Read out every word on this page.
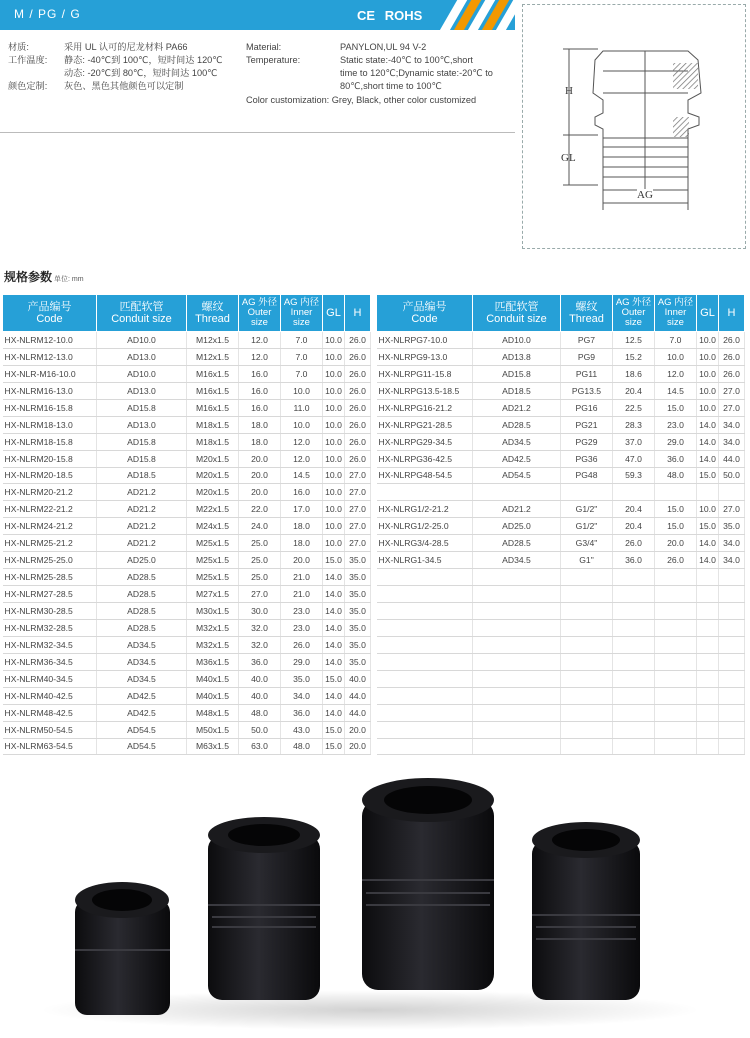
M / PG / G	CE ROHS
材质:	采用 UL 认可的尼龙材料 PA66
工作温度: 静态: -40℃到 100℃，短时间达 120℃
动态: -20℃到 80℃，短时间达 100℃
颜色定制: 灰色、黑色其他颜色可以定制
Material:	PANYLON,UL 94 V-2
Temperature:	Static state:-40℃ to 100℃,short
time to 120℃;Dynamic state:-20℃ to
80℃,short time to 100℃
Color customization: Grey, Black, other color customized
H
GL
AG
规格参数 单位: mm
产品编号
Code	匹配软管
Conduit size	螺纹
Thread	AG 外径
Outer size	AG 内径
Inner size	GL	H

HX-NLRM12-10.0	AD10.0	M12x1.5	12.0	7.0	10.0	26.0
HX-NLRM12-13.0	AD13.0	M12x1.5	12.0	7.0	10.0	26.0
HX-NLR-M16-10.0	AD10.0	M16x1.5	16.0	7.0	10.0	26.0
HX-NLRM16-13.0	AD13.0	M16x1.5	16.0	10.0	10.0	26.0
HX-NLRM16-15.8	AD15.8	M16x1.5	16.0	11.0	10.0	26.0
HX-NLRM18-13.0	AD13.0	M18x1.5	18.0	10.0	10.0	26.0
HX-NLRM18-15.8	AD15.8	M18x1.5	18.0	12.0	10.0	26.0
HX-NLRM20-15.8	AD15.8	M20x1.5	20.0	12.0	10.0	26.0
HX-NLRM20-18.5	AD18.5	M20x1.5	20.0	14.5	10.0	27.0
HX-NLRM20-21.2	AD21.2	M20x1.5	20.0	16.0	10.0	27.0
HX-NLRM22-21.2	AD21.2	M22x1.5	22.0	17.0	10.0	27.0
HX-NLRM24-21.2	AD21.2	M24x1.5	24.0	18.0	10.0	27.0
HX-NLRM25-21.2	AD21.2	M25x1.5	25.0	18.0	10.0	27.0
HX-NLRM25-25.0	AD25.0	M25x1.5	25.0	20.0	15.0	35.0
HX-NLRM25-28.5	AD28.5	M25x1.5	25.0	21.0	14.0	35.0
HX-NLRM27-28.5	AD28.5	M27x1.5	27.0	21.0	14.0	35.0
HX-NLRM30-28.5	AD28.5	M30x1.5	30.0	23.0	14.0	35.0
HX-NLRM32-28.5	AD28.5	M32x1.5	32.0	23.0	14.0	35.0
HX-NLRM32-34.5	AD34.5	M32x1.5	32.0	26.0	14.0	35.0
HX-NLRM36-34.5	AD34.5	M36x1.5	36.0	29.0	14.0	35.0
HX-NLRM40-34.5	AD34.5	M40x1.5	40.0	35.0	15.0	40.0
HX-NLRM40-42.5	AD42.5	M40x1.5	40.0	34.0	14.0	44.0
HX-NLRM48-42.5	AD42.5	M48x1.5	48.0	36.0	14.0	44.0
HX-NLRM50-54.5	AD54.5	M50x1.5	50.0	43.0	15.0	20.0
HX-NLRM63-54.5	AD54.5	M63x1.5	63.0	48.0	15.0	20.0
产品编号
Code	匹配软管
Conduit size	螺纹
Thread	AG 外径
Outer size	AG 内径
Inner size	GL	H

HX-NLRPG7-10.0	AD10.0	PG7	12.5	7.0	10.0	26.0
HX-NLRPG9-13.0	AD13.8	PG9	15.2	10.0	10.0	26.0
HX-NLRPG11-15.8	AD15.8	PG11	18.6	12.0	10.0	26.0
HX-NLRPG13.5-18.5	AD18.5	PG13.5	20.4	14.5	10.0	27.0
HX-NLRPG16-21.2	AD21.2	PG16	22.5	15.0	10.0	27.0
HX-NLRPG21-28.5	AD28.5	PG21	28.3	23.0	14.0	34.0
HX-NLRPG29-34.5	AD34.5	PG29	37.0	29.0	14.0	34.0
HX-NLRPG36-42.5	AD42.5	PG36	47.0	36.0	14.0	44.0
HX-NLRPG48-54.5	AD54.5	PG48	59.3	48.0	15.0	50.0

HX-NLRG1/2-21.2	AD21.2	G1/2"	20.4	15.0	10.0	27.0
HX-NLRG1/2-25.0	AD25.0	G1/2"	20.4	15.0	15.0	35.0
HX-NLRG3/4-28.5	AD28.5	G3/4"	26.0	20.0	14.0	34.0
HX-NLRG1-34.5	AD34.5	G1"	36.0	26.0	14.0	34.0
